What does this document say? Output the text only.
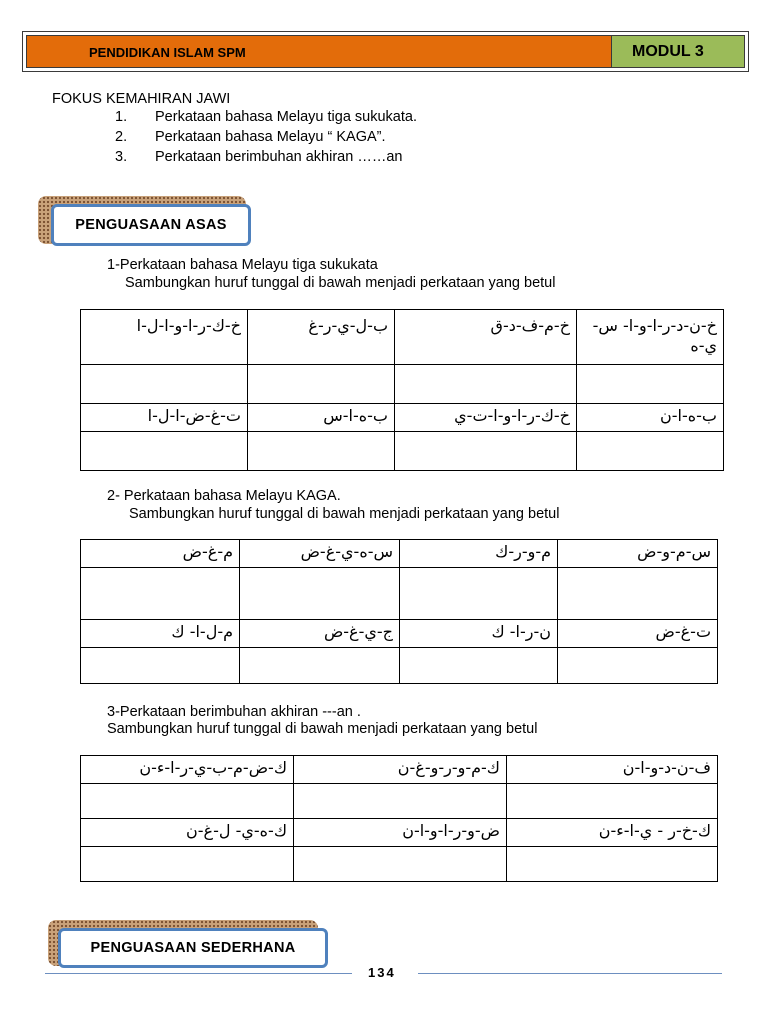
PENDIDIKAN ISLAM SPM	MODUL 3
FOKUS KEMAHIRAN JAWI
1. Perkataan bahasa Melayu tiga sukukata.
2. Perkataan bahasa Melayu “ KAGA”.
3. Perkataan berimbuhan akhiran ……an
PENGUASAAN ASAS
1-Perkataan bahasa Melayu tiga sukukata
Sambungkan huruf tunggal di bawah menjadi perkataan yang betul
خ-ك-ر-ا-و-ا-ل-ا	ب-ل-ي-ر-غ	خ-م-ف-د-ق	خ-ن-د-ر-ا-و-ا- س-ي-ه

ت-غ-ض-ا-ل-ا	ب-ه-ا-س	خ-ك-ر-ا-و-ا-ت-ي	ب-ه-ا-ن

2- Perkataan bahasa Melayu KAGA.
Sambungkan huruf tunggal di bawah menjadi perkataan yang betul
م-غ-ض	س-ه-ي-غ-ض	م-و-ر-ك	س-م-و-ض

م-ل-ا- ك	ج-ي-غ-ض	ن-ر-ا- ك	ت-غ-ض

3-Perkataan berimbuhan akhiran ---an .
Sambungkan huruf tunggal di bawah menjadi perkataan yang betul
ك-ض-م-ب-ي-ر-ا-ء-ن	ك-م-و-ر-و-غ-ن	ف-ن-د-و-ا-ن

ك-ه-ي- ل-غ-ن	ض-و-ر-ا-و-ا-ن	ك-خ-ر - ي-ا-ء-ن

PENGUASAAN SEDERHANA
134
